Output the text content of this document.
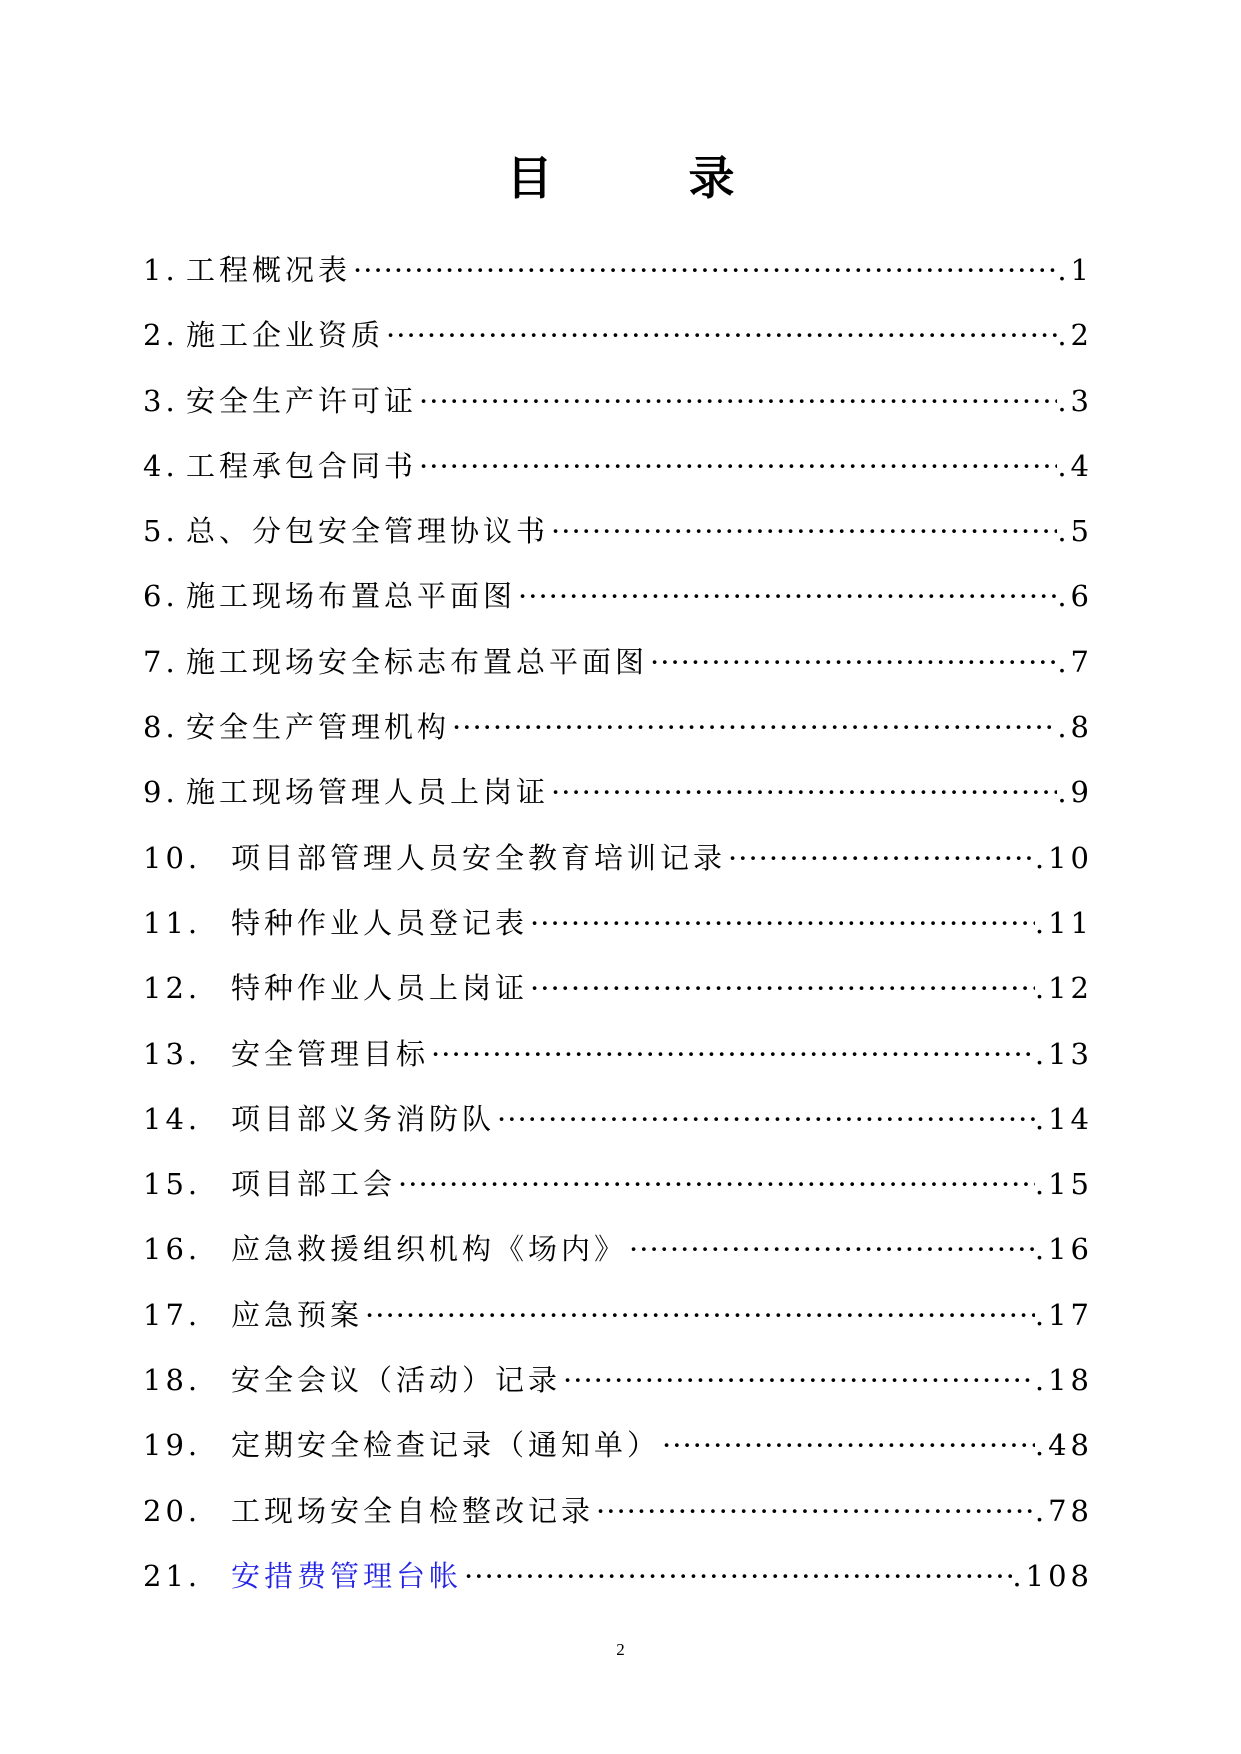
目 录
1. 工程概况表 ·····	.1
2. 施工企业资质 ·····	.2
3. 安全生产许可证 ·····	.3
4. 工程承包合同书 ·····	.4
5. 总、分包安全管理协议书 ·····	.5
6. 施工现场布置总平面图 ·····	.6
7. 施工现场安全标志布置总平面图 ·····	.7
8. 安全生产管理机构 ·····	.8
9. 施工现场管理人员上岗证 ·····	.9
10.	项目部管理人员安全教育培训记录 ·····	.10
11.	特种作业人员登记表 ·····	.11
12.	特种作业人员上岗证 ·····	.12
13.	安全管理目标 ·····	.13
14.	项目部义务消防队 ·····	.14
15.	项目部工会 ·····	.15
16.	应急救援组织机构《场内》 ·····	.16
17.	应急预案 ·····	.17
18.	安全会议（活动）记录 ·····	.18
19.	定期安全检查记录（通知单） ·····	.48
20.	工现场安全自检整改记录 ·····	.78
21.	安措费管理台帐 ·····	.108
2
